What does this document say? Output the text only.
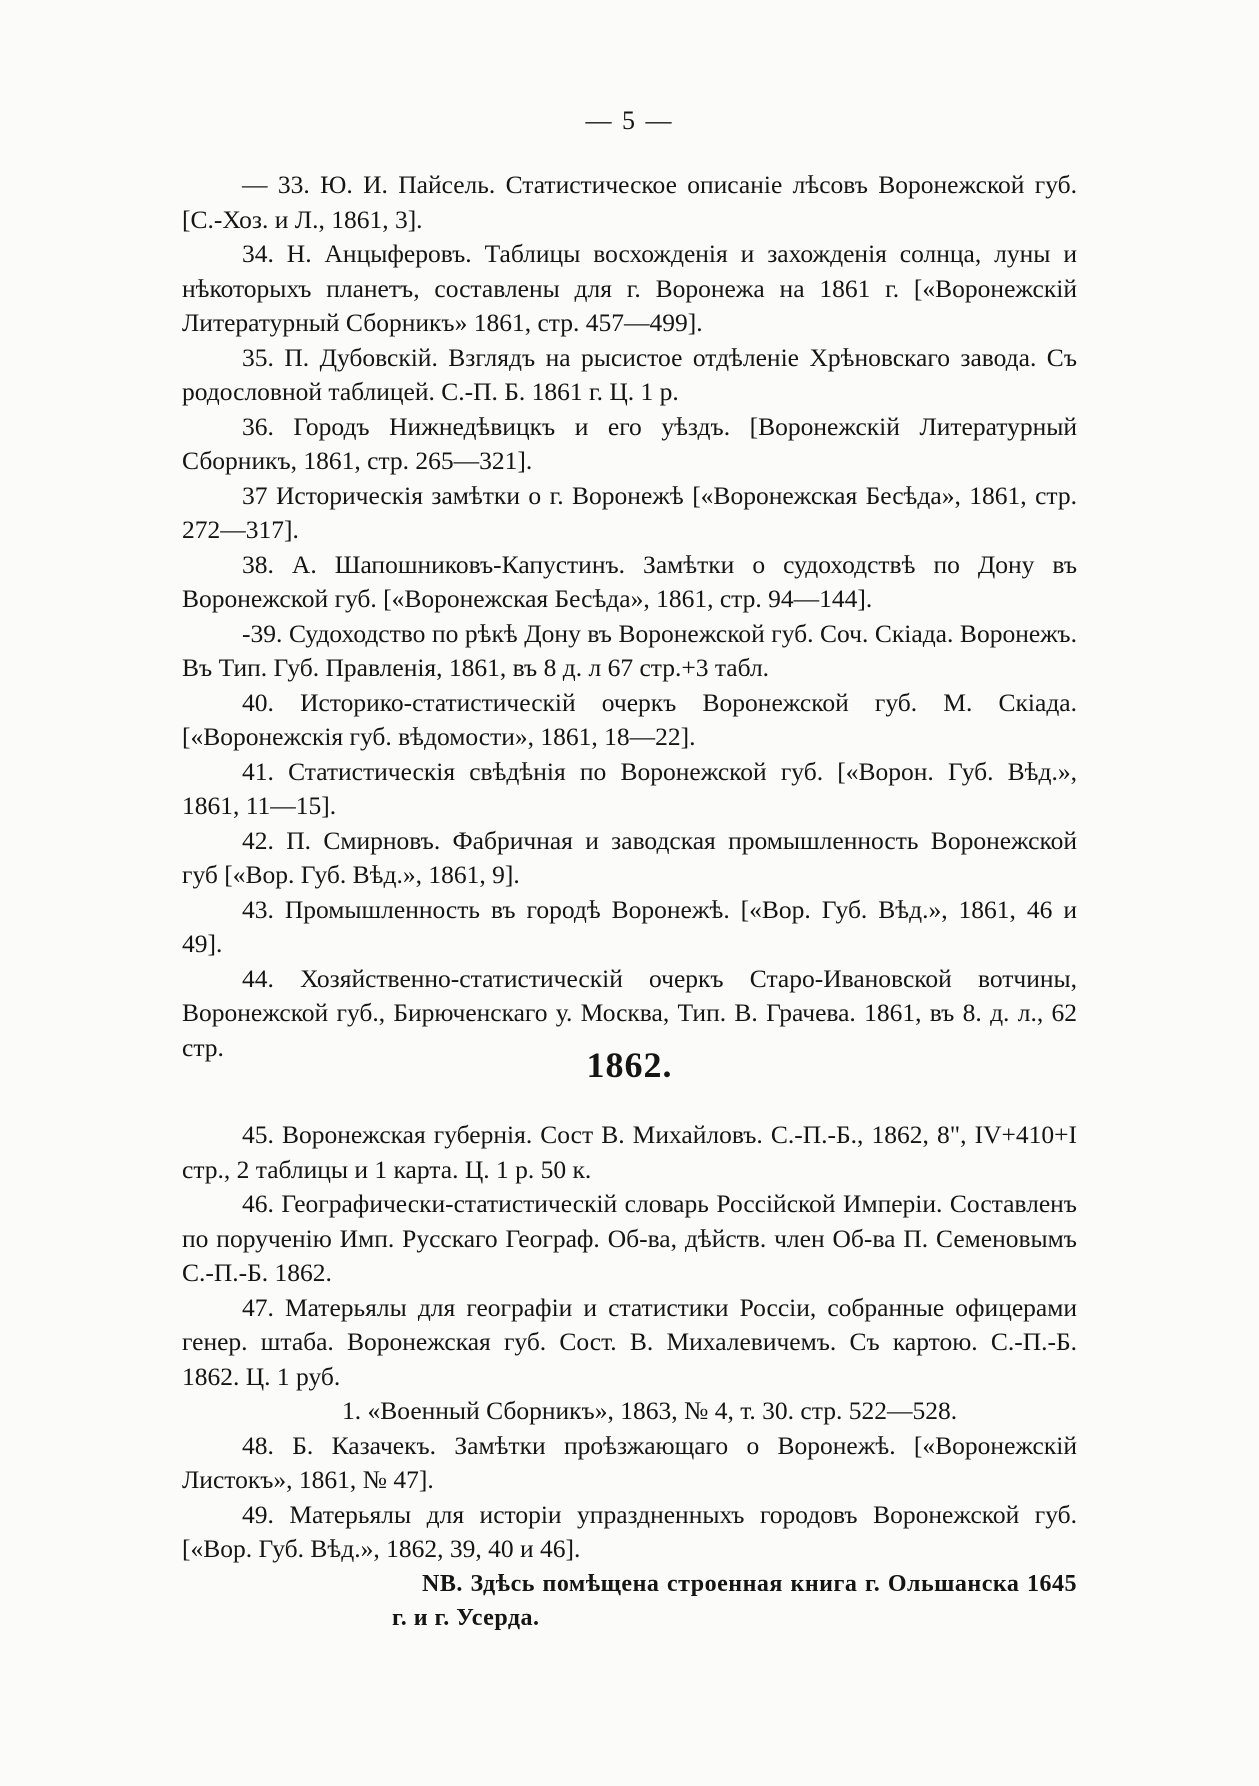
— 5 —

— 33. Ю. И. Пайсель. Статистическое описаніе лѣсовъ Воронежской губ. [С.-Хоз. и Л., 1861, 3].

34. Н. Анцыферовъ. Таблицы восхожденія и захожденія солнца, луны и нѣкоторыхъ планетъ, составлены для г. Воронежа на 1861 г. [«Воронежскій Литературный Сборникъ» 1861, стр. 457—499].

35. П. Дубовскій. Взглядъ на рысистое отдѣленіе Хрѣновскаго завода. Съ родословной таблицей. С.-П. Б. 1861 г. Ц. 1 р.

36. Городъ Нижнедѣвицкъ и его уѣздъ. [Воронежскій Литературный Сборникъ, 1861, стр. 265—321].

37 Историческія замѣтки о г. Воронежѣ [«Воронежская Бесѣда», 1861, стр. 272—317].

38. А. Шапошниковъ-Капустинъ. Замѣтки о судоходствѣ по Дону въ Воронежской губ. [«Воронежская Бесѣда», 1861, стр. 94—144].

-39. Судоходство по рѣкѣ Дону въ Воронежской губ. Соч. Скіада. Воронежъ. Въ Тип. Губ. Правленія, 1861, въ 8 д. л 67 стр.+3 табл.

40. Историко-статистическій очеркъ Воронежской губ. М. Скіада. [«Воронежскія губ. вѣдомости», 1861, 18—22].

41. Статистическія свѣдѣнія по Воронежской губ. [«Ворон. Губ. Вѣд.», 1861, 11—15].

42. П. Смирновъ. Фабричная и заводская промышленность Воронежской губ [«Вор. Губ. Вѣд.», 1861, 9].

43. Промышленность въ городѣ Воронежѣ. [«Вор. Губ. Вѣд.», 1861, 46 и 49].

44. Хозяйственно-статистическій очеркъ Старо-Ивановской вотчины, Воронежской губ., Бирюченскаго у. Москва, Тип. В. Грачева. 1861, въ 8. д. л., 62 стр.	1862.

45. Воронежская губернія. Сост В. Михайловъ. С.-П.-Б., 1862, 8", IV+410+I стр., 2 таблицы и 1 карта. Ц. 1 р. 50 к.

46. Географически-статистическій словарь Россійской Имперіи. Составленъ по порученію Имп. Русскаго Географ. Об-ва, дѣйств. член Об-ва П. Семеновымъ С.-П.-Б. 1862.

47. Матерьялы для географіи и статистики Россіи, собранные офицерами генер. штаба. Воронежская губ. Сост. В. Михалевичемъ. Съ картою. С.-П.-Б. 1862. Ц. 1 руб.

1. «Военный Сборникъ», 1863, № 4, т. 30. стр. 522—528.

48. Б. Казачекъ. Замѣтки проѣзжающаго о Воронежѣ. [«Воронежскій Листокъ», 1861, № 47].

49. Матерьялы для исторіи упраздненныхъ городовъ Воронежской губ. [«Вор. Губ. Вѣд.», 1862, 39, 40 и 46].

NB. Здѣсь помѣщена строенная книга г. Ольшанска 1645 г. и г. Усерда.
